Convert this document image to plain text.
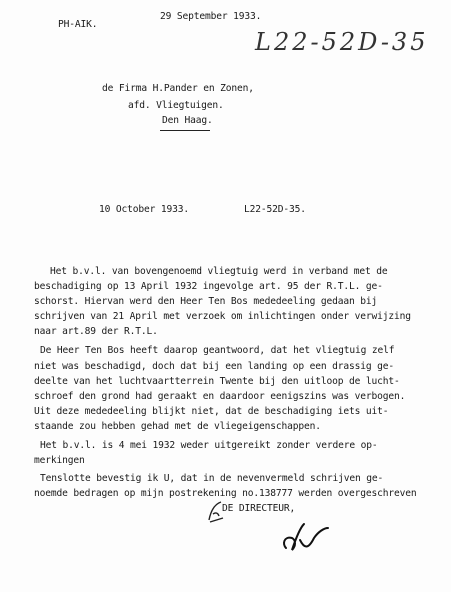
PH-AIK.
29 September 1933.
L22-52D-35
de Firma H.Pander en Zonen,
afd. Vliegtuigen.
Den Haag.
10 October 1933.	L22-52D-35.
Het b.v.l. van bovengenoemd vliegtuig werd in verband met de
beschadiging op 13 April 1932 ingevolge art. 95 der R.T.L. ge-
schorst. Hiervan werd den Heer Ten Bos mededeeling gedaan bij
schrijven van 21 April met verzoek om inlichtingen onder verwijzing
naar art.89 der R.T.L.
De Heer Ten Bos heeft daarop geantwoord, dat het vliegtuig zelf
niet was beschadigd, doch dat bij een landing op een drassig ge-
deelte van het luchtvaartterrein Twente bij den uitloop de lucht-
schroef den grond had geraakt en daardoor eenigszins was verbogen.
Uit deze mededeeling blijkt niet, dat de beschadiging iets uit-
staande zou hebben gehad met de vliegeigenschappen.
Het b.v.l. is 4 mei 1932 weder uitgereikt zonder verdere op-
merkingen
Tenslotte bevestig ik U, dat in de nevenvermeld schrijven ge-
noemde bedragen op mijn postrekening no.138777 werden overgeschreven
DE DIRECTEUR,
